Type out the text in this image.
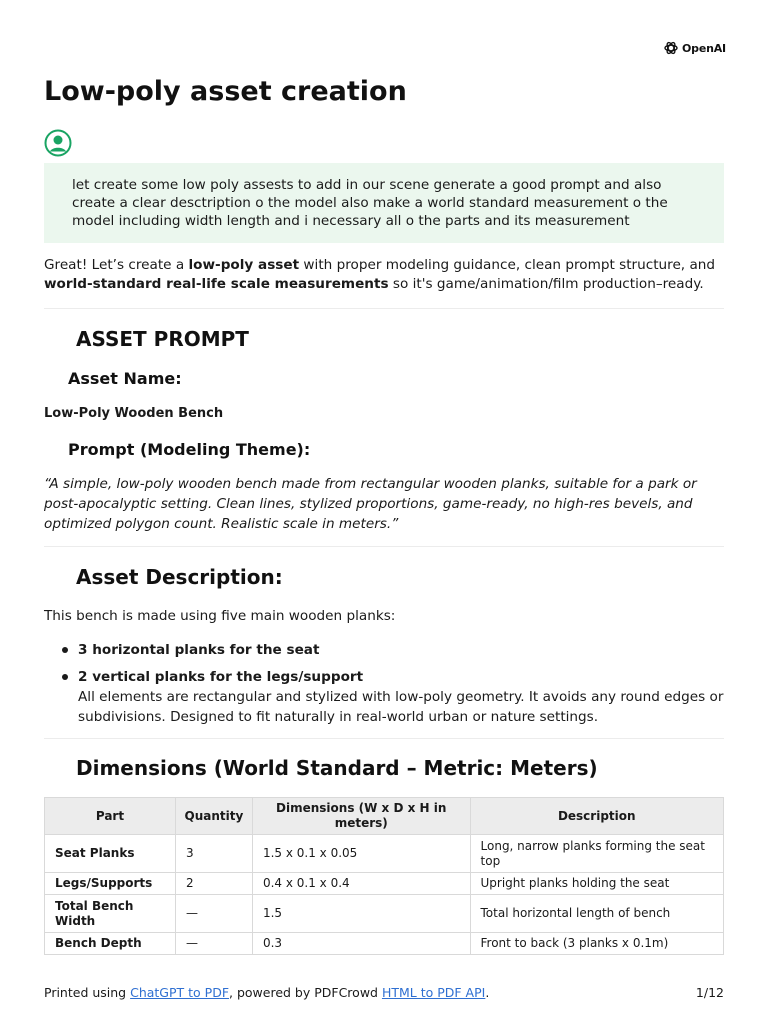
OpenAI
Low-poly asset creation
let create some low poly assests to add in our scene generate a good prompt and also create a clear desctription o the model also make a world standard measurement o the model including width length and i necessary all o the parts and its measurement

Great! Let’s create a low-poly asset with proper modeling guidance, clean prompt structure, and world-standard real-life scale measurements so it's game/animation/film production–ready.

ASSET PROMPT
Asset Name:

Low-Poly Wooden Bench

Prompt (Modeling Theme):

“A simple, low-poly wooden bench made from rectangular wooden planks, suitable for a park or post-apocalyptic setting. Clean lines, stylized proportions, game-ready, no high-res bevels, and optimized polygon count. Realistic scale in meters.”

Asset Description:

This bench is made using five main wooden planks:

3 horizontal planks for the seat
2 vertical planks for the legs/support
All elements are rectangular and stylized with low-poly geometry. It avoids any round edges or subdivisions. Designed to fit naturally in real-world urban or nature settings.
Dimensions (World Standard – Metric: Meters)
Part	Quantity	Dimensions (W x D x H in meters)	Description
Seat Planks	3	1.5 x 0.1 x 0.05	Long, narrow planks forming the seat top
Legs/Supports	2	0.4 x 0.1 x 0.4	Upright planks holding the seat
Total Bench Width	—	1.5	Total horizontal length of bench
Bench Depth	—	0.3	Front to back (3 planks x 0.1m)
Printed using ChatGPT to PDF, powered by PDFCrowd HTML to PDF API.	1/12
